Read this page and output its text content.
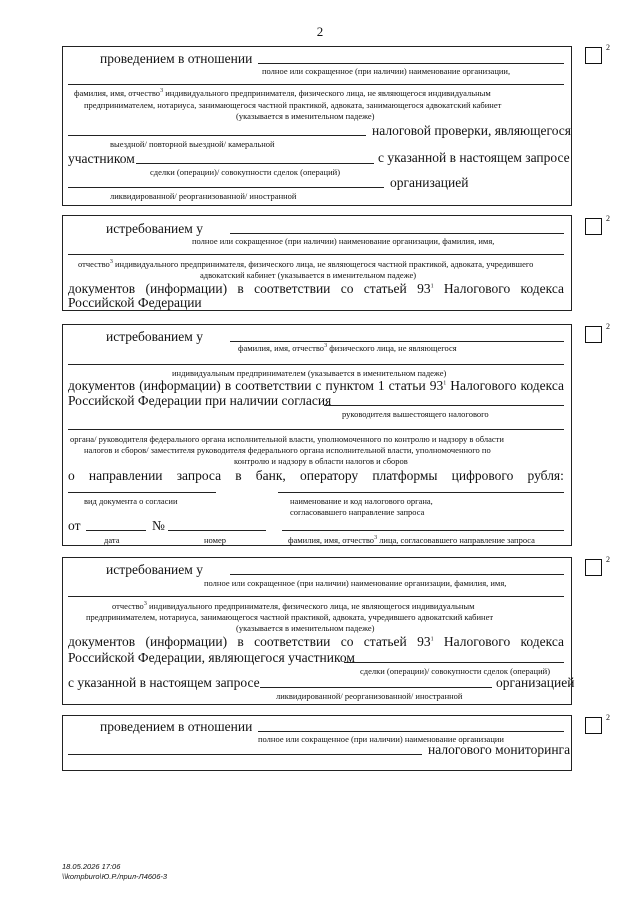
2
2
проведением в отношении
полное или сокращенное (при наличии) наименование организации,
фамилия, имя, отчество$^3$ индивидуального предпринимателя, физического лица, не являющегося индивидуальным
предпринимателем, нотариуса, занимающегося частной практикой, адвоката, занимающегося адвокатский кабинет
(указывается в именительном падеже)
налоговой проверки, являющегося
выездной/ повторной выездной/ камеральной
участником	с указанной в настоящем запросе
сделки (операции)/ совокупности сделок (операций)
организацией
ликвидированной/ реорганизованной/ иностранной
2
истребованием у
полное или сокращенное (при наличии) наименование организации, фамилия, имя,
отчество$^3$ индивидуального предпринимателя, физического лица, не являющегося частной практикой, адвоката, учредившего
адвокатский кабинет (указывается в именительном падеже)
документов (информации) в соответствии со статьей $93^1$ Налогового кодекса
Российской Федерации
2
истребованием у
фамилия, имя, отчество$^3$ физического лица, не являющегося
индивидуальным предпринимателем (указывается в именительном падеже)
документов (информации) в соответствии с пунктом 1 статьи $93^1$ Налогового кодекса
Российской Федерации при наличии согласия
руководителя вышестоящего налогового
органа/ руководителя федерального органа исполнительной власти, уполномоченного по контролю и надзору в области
налогов и сборов/ заместителя руководителя федерального органа исполнительной власти, уполномоченного по
контролю и надзору в области налогов и сборов
о направлении запроса в банк, оператору платформы цифрового рубля:
вид документа о согласии	наименование и код налогового органа,
согласовавшего направление запроса
от	№
дата	номер	фамилия, имя, отчество$^3$ лица, согласовавшего направление запроса
2
истребованием у
полное или сокращенное (при наличии) наименование организации, фамилия, имя,
отчество$^3$ индивидуального предпринимателя, физического лица, не являющегося индивидуальным
предпринимателем, нотариуса, занимающегося частной практикой, адвоката, учредившего адвокатский кабинет
(указывается в именительном падеже)
документов (информации) в соответствии со статьей $93^1$ Налогового кодекса
Российской Федерации, являющегося участником
сделки (операции)/ совокупности сделок (операций)
с указанной в настоящем запросе	организацией
ликвидированной/ реорганизованной/ иностранной
2
проведением в отношении
полное или сокращенное (при наличии) наименование организации
налогового мониторинга
18.05.2026 17:06
\\kompburo\Ю.Р./прил-Л4606-3
